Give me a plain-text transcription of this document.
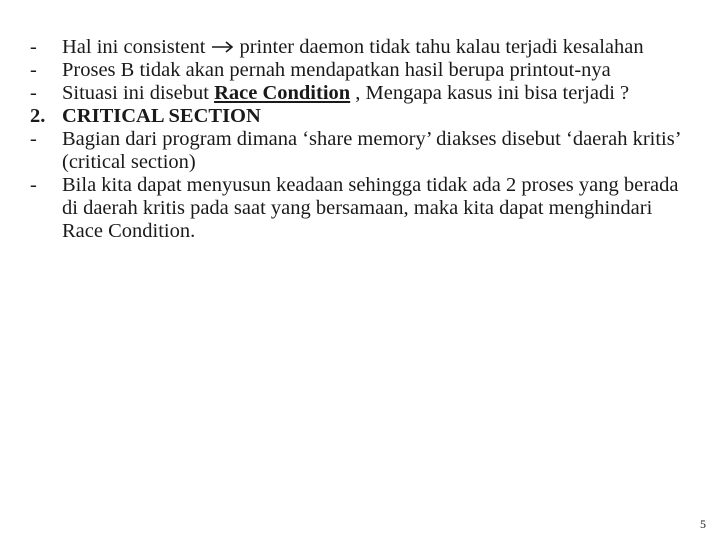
-	Hal ini consistent printer daemon tidak tahu kalau terjadi kesalahan
-	Proses B tidak akan pernah mendapatkan hasil berupa printout-nya
-	Situasi ini disebut Race Condition , Mengapa kasus ini bisa terjadi ?
2. CRITICAL SECTION
-	Bagian dari program dimana ‘share memory’ diakses disebut ‘daerah kritis’ (critical section)
-	Bila kita dapat menyusun keadaan sehingga tidak ada 2 proses yang berada di daerah kritis pada saat yang bersamaan, maka kita dapat menghindari Race Condition.
5
